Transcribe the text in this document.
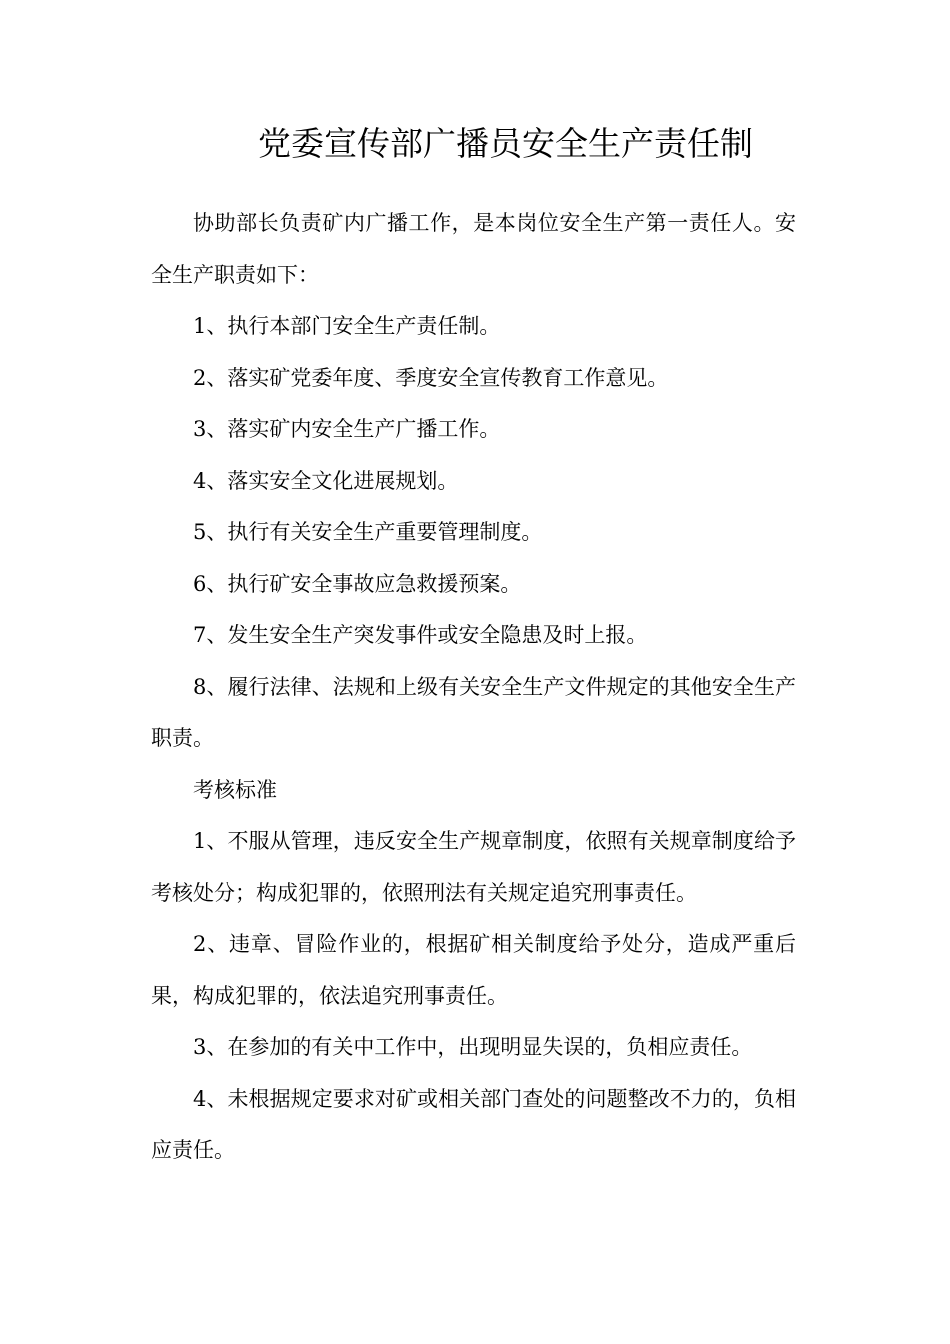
党委宣传部广播员安全生产责任制

协助部长负责矿内广播工作，是本岗位安全生产第一责任人。安全生产职责如下：

1、执行本部门安全生产责任制。

2、落实矿党委年度、季度安全宣传教育工作意见。

3、落实矿内安全生产广播工作。

4、落实安全文化进展规划。

5、执行有关安全生产重要管理制度。

6、执行矿安全事故应急救援预案。

7、发生安全生产突发事件或安全隐患及时上报。

8、履行法律、法规和上级有关安全生产文件规定的其他安全生产职责。

考核标准

1、不服从管理，违反安全生产规章制度，依照有关规章制度给予考核处分；构成犯罪的，依照刑法有关规定追究刑事责任。

2、违章、冒险作业的，根据矿相关制度给予处分，造成严重后果，构成犯罪的，依法追究刑事责任。

3、在参加的有关中工作中，出现明显失误的，负相应责任。

4、未根据规定要求对矿或相关部门查处的问题整改不力的，负相应责任。
